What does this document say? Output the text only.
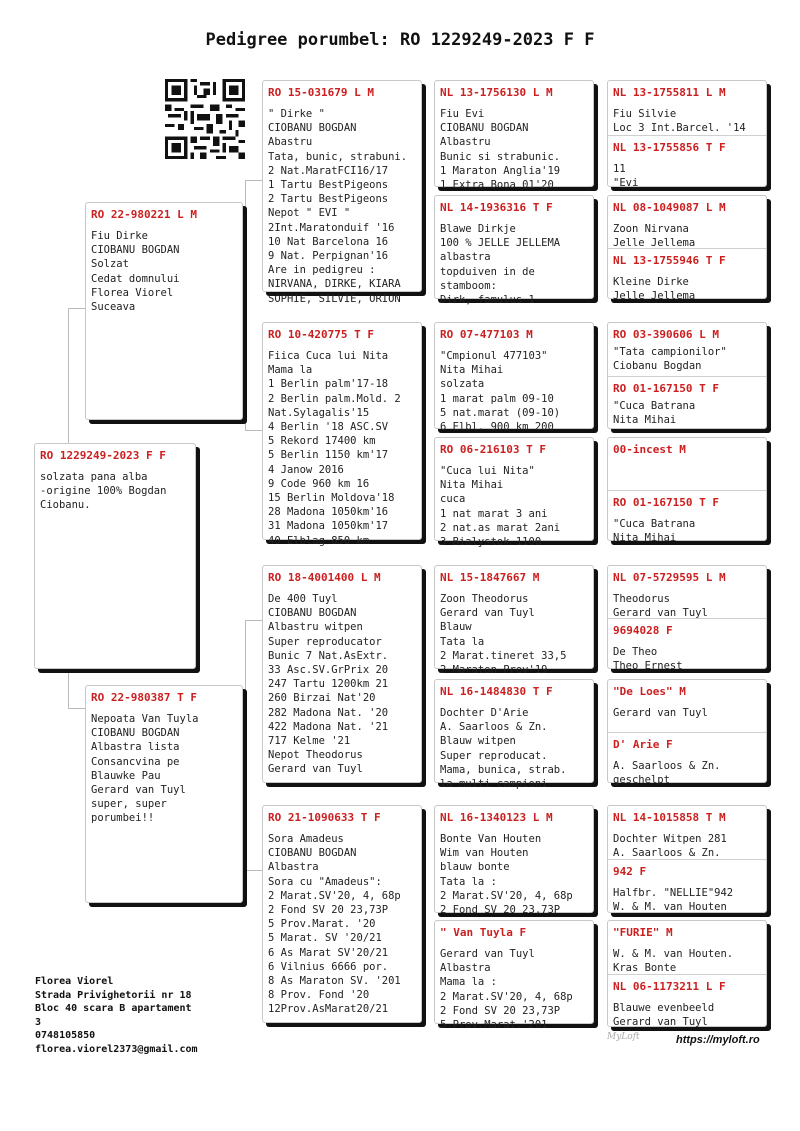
Pedigree porumbel: RO 1229249-2023 F F
RO 1229249-2023 F F
solzata pana alba
-origine 100% Bogdan
Ciobanu.
RO 22-980221 L M
Fiu Dirke
CIOBANU BOGDAN
Solzat
Cedat domnului
Florea Viorel
Suceava
RO 22-980387 T F
Nepoata Van Tuyla
CIOBANU BOGDAN
Albastra lista
Consancvina pe
Blauwke Pau
Gerard van Tuyl
super, super
porumbei!!
RO 15-031679 L M
" Dirke "
CIOBANU BOGDAN
Abastru
Tata, bunic, strabuni.
2 Nat.MaratFCI16/17
1 Tartu BestPigeons
2 Tartu BestPigeons
Nepot " EVI "
2Int.Maratonduif '16
10 Nat Barcelona 16
9 Nat. Perpignan'16
Are in pedigreu :
NIRVANA, DIRKE, KIARA
SOPHIE, SILVIE, ORION
RO 10-420775 T F
Fiica Cuca lui Nita
Mama la
1 Berlin palm'17-18
2 Berlin palm.Mold. 2
Nat.Sylagalis'15
4 Berlin '18 ASC.SV
5 Rekord 17400 km
5 Berlin 1150 km'17
4 Janow 2016
9 Code 960 km 16
15 Berlin Moldova'18
28 Madona 1050km'16
31 Madona 1050km'17
40 Elblag 850 km
RO 18-4001400 L M
De 400 Tuyl
CIOBANU BOGDAN
Albastru witpen
Super reproducator
Bunic 7 Nat.AsExtr.
33 Asc.SV.GrPrix 20
247 Tartu 1200km 21
260 Birzai Nat'20
282 Madona Nat. '20
422 Madona Nat. '21
717 Kelme '21
Nepot Theodorus
Gerard van Tuyl
RO 21-1090633 T F
Sora Amadeus
CIOBANU BOGDAN
Albastra
Sora cu "Amadeus":
2 Marat.SV'20, 4, 68p
2 Fond SV 20 23,73P
5 Prov.Marat. '20
5 Marat. SV '20/21
6 As Marat SV'20/21
6 Vilnius 6666 por.
8 As Maraton SV. '201
8 Prov. Fond '20
12Prov.AsMarat20/21
NL 13-1756130 L M
Fiu Evi
CIOBANU BOGDAN
Albastru
Bunic si strabunic.
1 Maraton Anglia'19
1 Extra Bona 01'20
NL 14-1936316 T F
Blawe Dirkje
100 % JELLE JELLEMA
albastra
topduiven in de
stamboom:
Dirk, famulus 1
RO 07-477103 M
"Cmpionul 477103"
Nita Mihai
solzata
1 marat palm 09-10
5 nat.marat (09-10)
6 Elbl. 900 km 200
RO 06-216103 T F
"Cuca lui Nita"
Nita Mihai
cuca
1 nat marat 3 ani
2 nat.as marat 2ani
3 Bialystok 1100
NL 15-1847667 M
Zoon Theodorus
Gerard van Tuyl
Blauw
Tata la
2 Marat.tineret 33,5
2 Maraton Prov'19
NL 16-1484830 T F
Dochter D'Arie
A. Saarloos & Zn.
Blauw witpen
Super reproducat.
Mama, bunica, strab.
la multi campioni
NL 16-1340123 L M
Bonte Van Houten
Wim van Houten
blauw bonte
Tata la :
2 Marat.SV'20, 4, 68p
2 Fond SV 20 23,73P
" Van Tuyla F
Gerard van Tuyl
Albastra
Mama la :
2 Marat.SV'20, 4, 68p
2 Fond SV 20 23,73P
5 Prov.Marat.'201
NL 13-1755811 L M
Fiu Silvie
Loc 3 Int.Barcel. '14
NL 13-1755856 T F
11
"Evi
NL 08-1049087 L M
Zoon Nirvana
Jelle Jellema
NL 13-1755946 T F
Kleine Dirke
Jelle Jellema
RO 03-390606 L M
"Tata campionilor"
Ciobanu Bogdan
RO 01-167150 T F
"Cuca Batrana
Nita Mihai
00-incest M
RO 01-167150 T F
"Cuca Batrana
Nita Mihai
NL 07-5729595 L M
Theodorus
Gerard van Tuyl
9694028 F
De Theo
Theo Ernest
"De Loes" M
Gerard van Tuyl
D' Arie F
A. Saarloos & Zn.
geschelpt
NL 14-1015858 T M
Dochter Witpen 281
A. Saarloos & Zn.
942 F
Halfbr. "NELLIE"942
W. & M. van Houten
"FURIE" M
W. & M. van Houten.
Kras Bonte
NL 06-1173211 L F
Blauwe evenbeeld
Gerard van Tuyl
Florea Viorel
Strada Privighetorii nr 18
Bloc 40 scara B apartament
3
0748105850
florea.viorel2373@gmail.com
MyLoft	https://myloft.ro
